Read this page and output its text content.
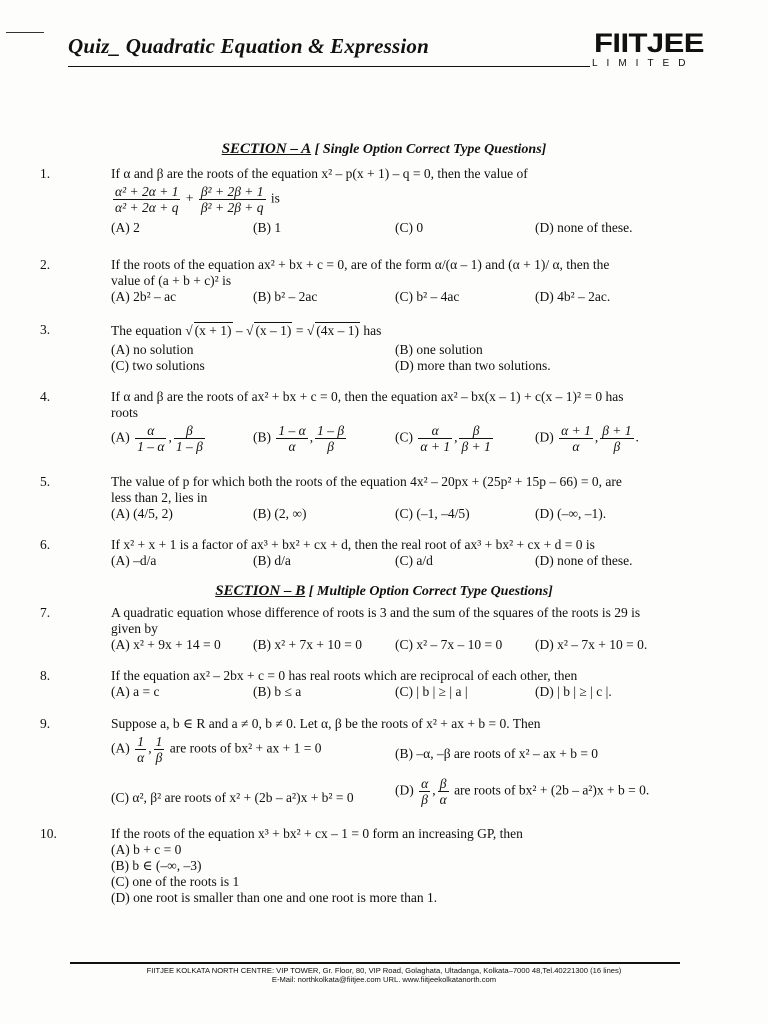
Quiz_ Quadratic Equation & Expression	FIITJEE
LIMITED
SECTION – A [ Single Option Correct Type Questions]
1.	If α and β are the roots of the equation x² – p(x + 1) – q = 0, then the value of
$\frac{\text{α² + 2α + 1}}{\text{α² + 2α + q}} + \frac{\text{β² + 2β + 1}}{\text{β² + 2β + q}}$ is
(A) 2	(B) 1	(C) 0	(D) none of these.
2.	If the roots of the equation ax² + bx + c = 0, are of the form α/(α – 1) and (α + 1)/ α, then the
value of (a + b + c)² is
(A) 2b² – ac	(B) b² – 2ac	(C) b² – 4ac	(D) 4b² – 2ac.
3.	The equation √ (x + 1) – √ (x – 1) = √ (4x – 1) has
(A) no solution	(B) one solution
(C) two solutions	(D) more than two solutions.
4.	If α and β are the roots of ax² + bx + c = 0, then the equation ax² – bx(x – 1) + c(x – 1)² = 0 has
roots
$(A) \frac{\alpha}{1 - \alpha}$ , $\frac{\beta}{1 - \beta}$	$(B) \frac{1 - \alpha}{\alpha}$ , $\frac{1 - \beta}{\beta}$	$(C) \frac{\alpha}{\alpha + 1}$ , $\frac{\beta}{\beta + 1}$	$(D) \frac{\alpha + 1}{\alpha}$ , $\frac{\beta + 1}{\beta}$ .
5.	The value of p for which both the roots of the equation 4x² – 20px + (25p² + 15p – 66) = 0, are
less than 2, lies in
(A) (4/5, 2)	(B) (2, ∞)	(C) (–1, –4/5)	(D) (–∞, –1).
6.	If x² + x + 1 is a factor of ax³ + bx² + cx + d, then the real root of ax³ + bx² + cx + d = 0 is
(A) –d/a	(B) d/a	(C) a/d	(D) none of these.
SECTION – B [ Multiple Option Correct Type Questions]
7.	A quadratic equation whose difference of roots is 3 and the sum of the squares of the roots is 29 is
given by
(A) x² + 9x + 14 = 0 (B) x² + 7x + 10 = 0 (C) x² – 7x – 10 = 0 (D) x² – 7x + 10 = 0.
8.	If the equation ax² – 2bx + c = 0 has real roots which are reciprocal of each other, then
(A) a = c	(B) b ≤ a	(C) | b | ≥ | a |	(D) | b | ≥ | c |.
9.	Suppose a, b ∈ R and a ≠ 0, b ≠ 0. Let α, β be the roots of x² + ax + b = 0. Then
$(A) \frac{1}{\alpha}$ , $\frac{1}{\beta}$ are roots of bx² + ax + 1 = 0	(B) –α, –β are roots of x² – ax + b = 0
(C) α², β² are roots of x² + (2b – a²)x + b² = 0	$(D) \frac{\alpha}{\beta}$ , $\frac{\beta}{\alpha}$ are roots of bx² + (2b – a²)x + b = 0.
10.	If the roots of the equation x³ + bx² + cx – 1 = 0 form an increasing GP, then
(A) b + c = 0
(B) b ∈ (–∞, –3)
(C) one of the roots is 1
(D) one root is smaller than one and one root is more than 1.
FIITJEE KOLKATA NORTH CENTRE: VIP TOWER, Gr. Floor, 80, VIP Road, Golaghata, Ultadanga, Kolkata–7000 48,Tel.40221300 (16 lines)
E-Mail: northkolkata@fiitjee.com URL. www.fiitjeekolkatanorth.com
